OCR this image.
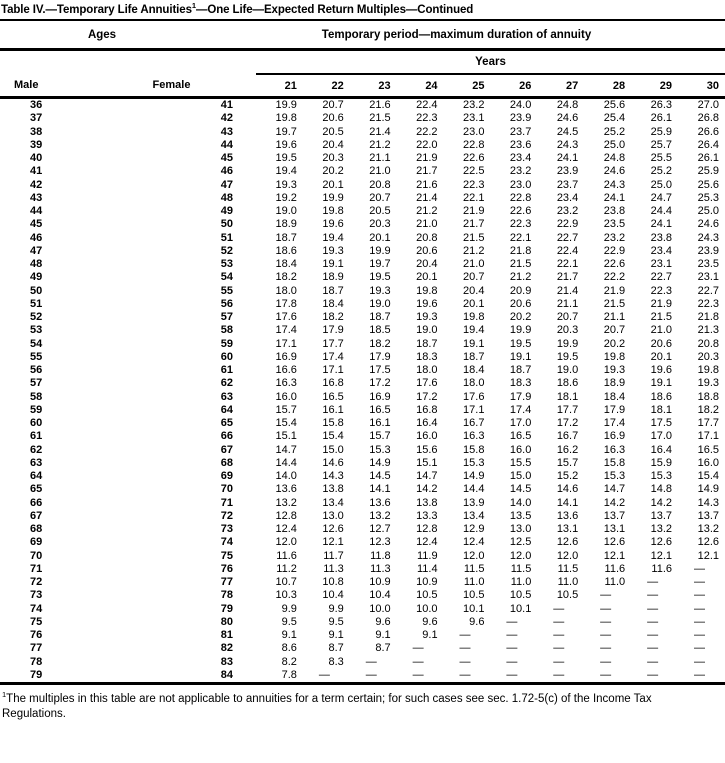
Table IV.—Temporary Life Annuities$^1$—One Life—Expected Return Multiples—Continued
Ages		Temporary period—maximum duration of annuity									
		Years									
Male	Female	21	22	23	24	25	26	27	28	29	30
36	41	19.9	20.7	21.6	22.4	23.2	24.0	24.8	25.6	26.3	27.0
37	42	19.8	20.6	21.5	22.3	23.1	23.9	24.6	25.4	26.1	26.8
38	43	19.7	20.5	21.4	22.2	23.0	23.7	24.5	25.2	25.9	26.6
39	44	19.6	20.4	21.2	22.0	22.8	23.6	24.3	25.0	25.7	26.4
40	45	19.5	20.3	21.1	21.9	22.6	23.4	24.1	24.8	25.5	26.1
41	46	19.4	20.2	21.0	21.7	22.5	23.2	23.9	24.6	25.2	25.9
42	47	19.3	20.1	20.8	21.6	22.3	23.0	23.7	24.3	25.0	25.6
43	48	19.2	19.9	20.7	21.4	22.1	22.8	23.4	24.1	24.7	25.3
44	49	19.0	19.8	20.5	21.2	21.9	22.6	23.2	23.8	24.4	25.0
45	50	18.9	19.6	20.3	21.0	21.7	22.3	22.9	23.5	24.1	24.6
46	51	18.7	19.4	20.1	20.8	21.5	22.1	22.7	23.2	23.8	24.3
47	52	18.6	19.3	19.9	20.6	21.2	21.8	22.4	22.9	23.4	23.9
48	53	18.4	19.1	19.7	20.4	21.0	21.5	22.1	22.6	23.1	23.5
49	54	18.2	18.9	19.5	20.1	20.7	21.2	21.7	22.2	22.7	23.1
50	55	18.0	18.7	19.3	19.8	20.4	20.9	21.4	21.9	22.3	22.7
51	56	17.8	18.4	19.0	19.6	20.1	20.6	21.1	21.5	21.9	22.3
52	57	17.6	18.2	18.7	19.3	19.8	20.2	20.7	21.1	21.5	21.8
53	58	17.4	17.9	18.5	19.0	19.4	19.9	20.3	20.7	21.0	21.3
54	59	17.1	17.7	18.2	18.7	19.1	19.5	19.9	20.2	20.6	20.8
55	60	16.9	17.4	17.9	18.3	18.7	19.1	19.5	19.8	20.1	20.3
56	61	16.6	17.1	17.5	18.0	18.4	18.7	19.0	19.3	19.6	19.8
57	62	16.3	16.8	17.2	17.6	18.0	18.3	18.6	18.9	19.1	19.3
58	63	16.0	16.5	16.9	17.2	17.6	17.9	18.1	18.4	18.6	18.8
59	64	15.7	16.1	16.5	16.8	17.1	17.4	17.7	17.9	18.1	18.2
60	65	15.4	15.8	16.1	16.4	16.7	17.0	17.2	17.4	17.5	17.7
61	66	15.1	15.4	15.7	16.0	16.3	16.5	16.7	16.9	17.0	17.1
62	67	14.7	15.0	15.3	15.6	15.8	16.0	16.2	16.3	16.4	16.5
63	68	14.4	14.6	14.9	15.1	15.3	15.5	15.7	15.8	15.9	16.0
64	69	14.0	14.3	14.5	14.7	14.9	15.0	15.2	15.3	15.3	15.4
65	70	13.6	13.8	14.1	14.2	14.4	14.5	14.6	14.7	14.8	14.9
66	71	13.2	13.4	13.6	13.8	13.9	14.0	14.1	14.2	14.2	14.3
67	72	12.8	13.0	13.2	13.3	13.4	13.5	13.6	13.7	13.7	13.7
68	73	12.4	12.6	12.7	12.8	12.9	13.0	13.1	13.1	13.2	13.2
69	74	12.0	12.1	12.3	12.4	12.4	12.5	12.6	12.6	12.6	12.6
70	75	11.6	11.7	11.8	11.9	12.0	12.0	12.0	12.1	12.1	12.1
71	76	11.2	11.3	11.3	11.4	11.5	11.5	11.5	11.6	11.6	—
72	77	10.7	10.8	10.9	10.9	11.0	11.0	11.0	11.0	—	—
73	78	10.3	10.4	10.4	10.5	10.5	10.5	10.5	—	—	—
74	79	9.9	9.9	10.0	10.0	10.1	10.1	—	—	—	—
75	80	9.5	9.5	9.6	9.6	9.6	—	—	—	—	—
76	81	9.1	9.1	9.1	9.1	—	—	—	—	—	—
77	82	8.6	8.7	8.7	—	—	—	—	—	—	—
78	83	8.2	8.3	—	—	—	—	—	—	—	—
79	84	7.8	—	—	—	—	—	—	—	—	—
$^1$The multiples in this table are not applicable to annuities for a term certain; for such cases see sec. 1.72-5(c) of the Income Tax Regulations.
